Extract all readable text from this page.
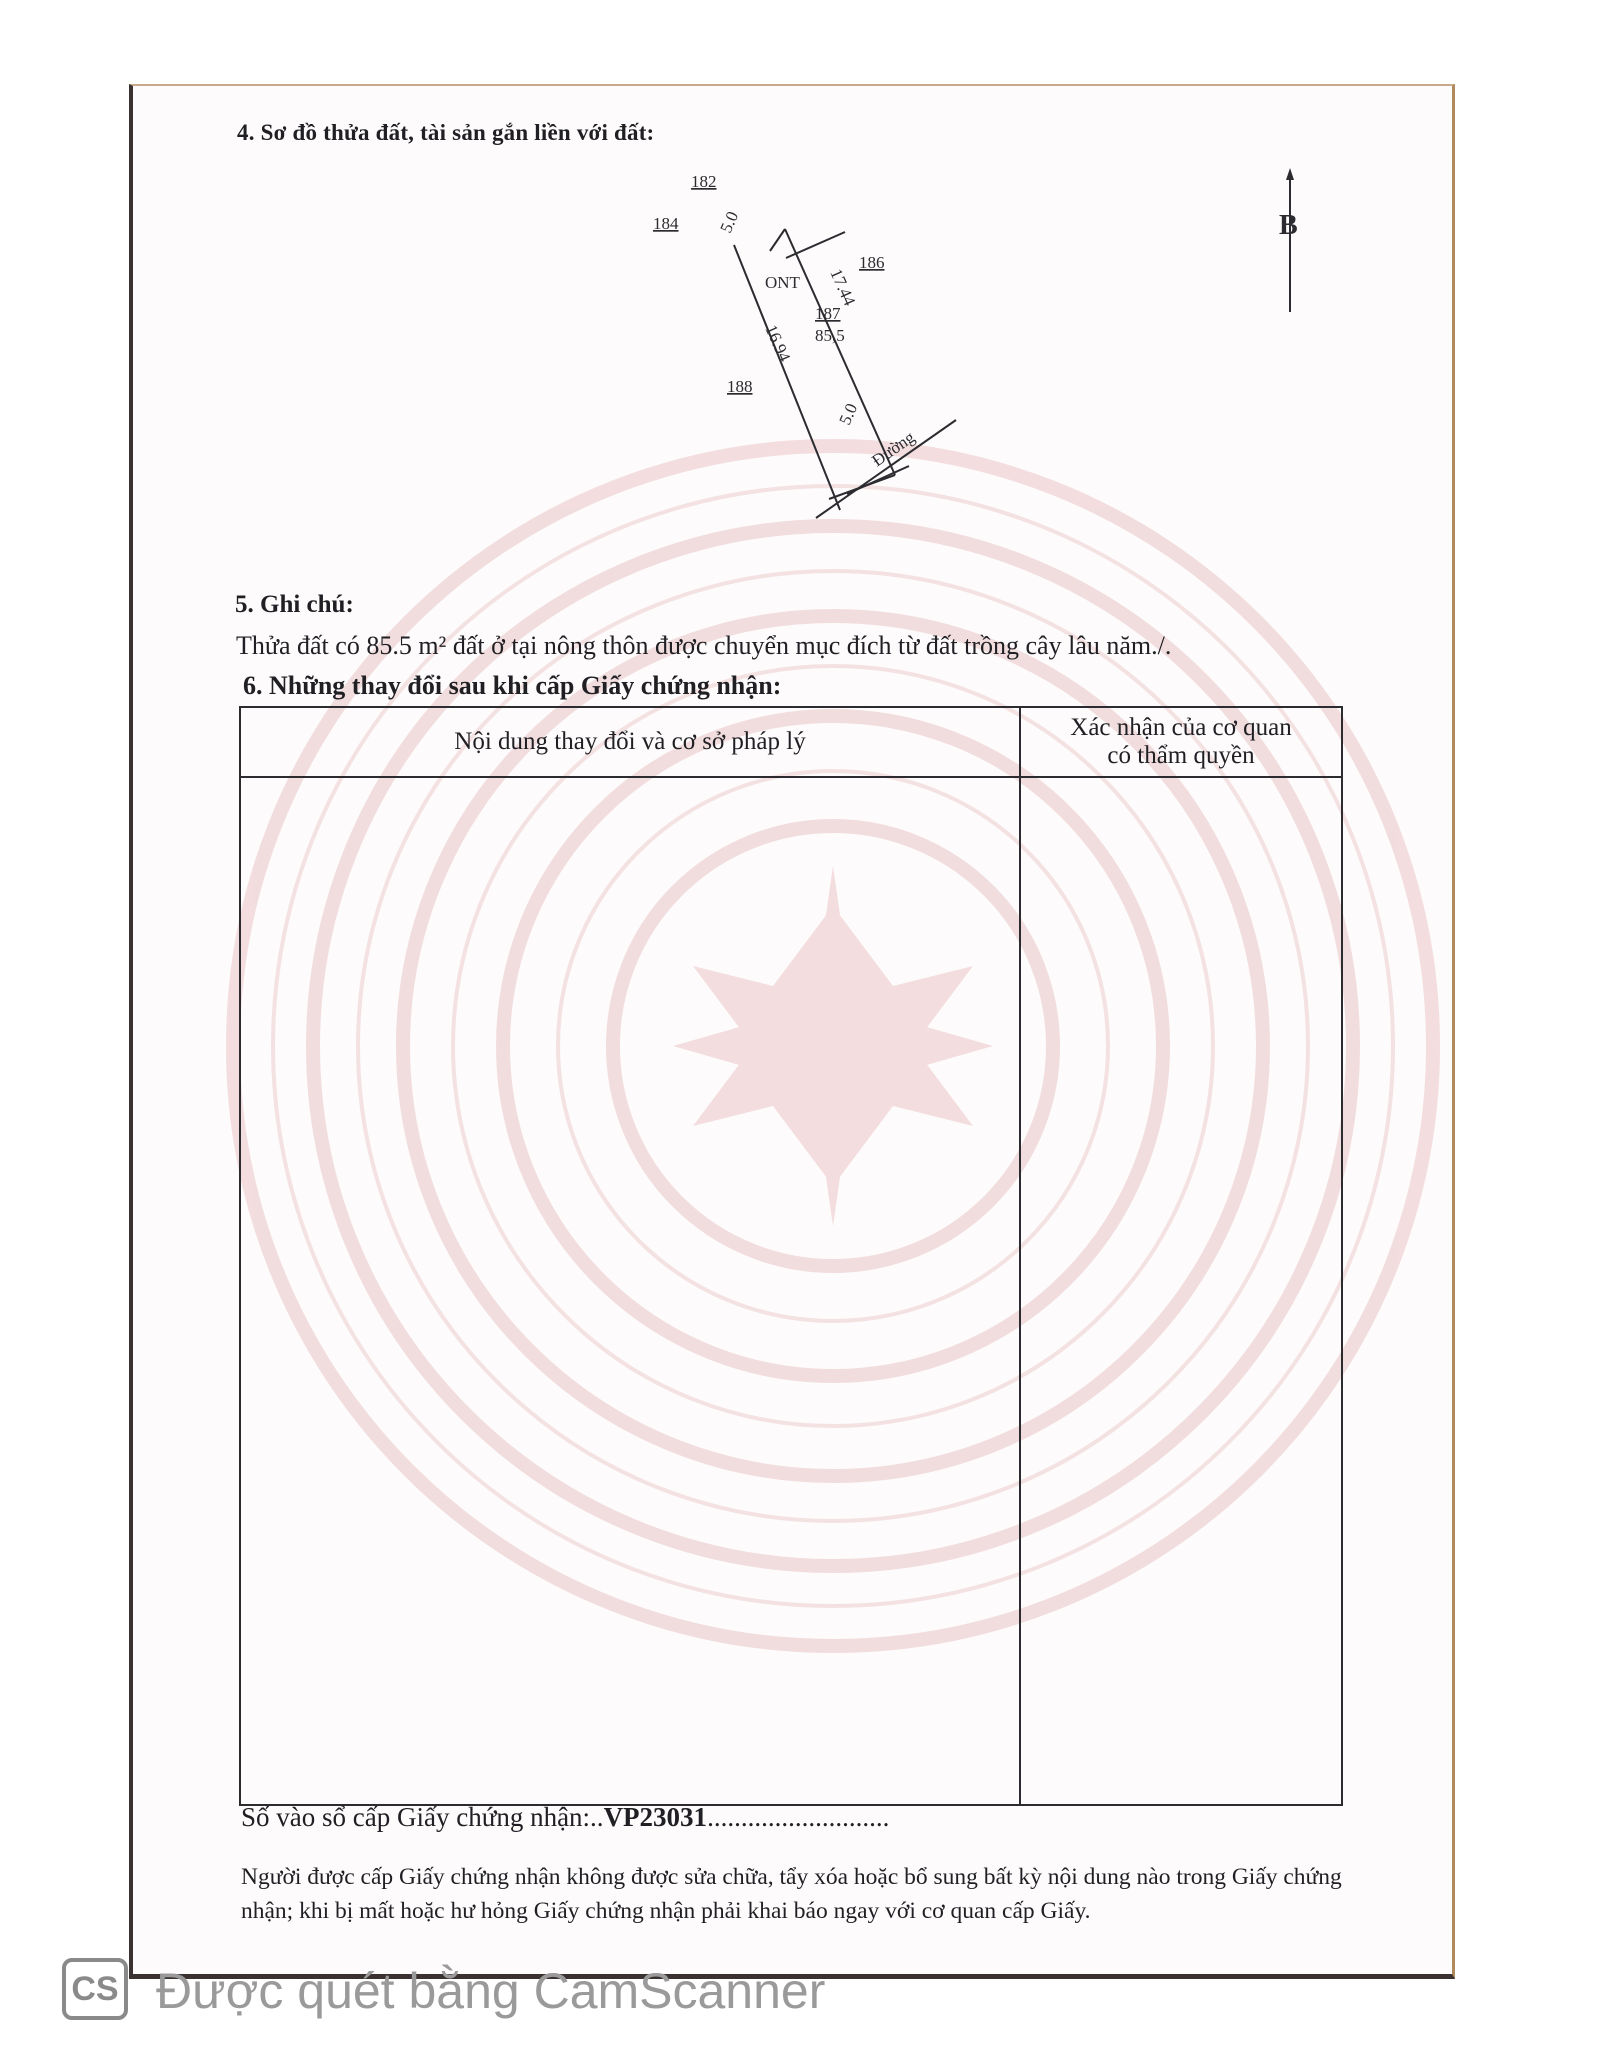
4. Sơ đồ thửa đất, tài sản gắn liền với đất:
182
184
186
188
ONT
187
85,5
5.0
17.44
16.94
5.0
Đường
B
5. Ghi chú:
Thửa đất có 85.5 m² đất ở tại nông thôn được chuyển mục đích từ đất trồng cây lâu năm./.
6. Những thay đổi sau khi cấp Giấy chứng nhận:
Nội dung thay đổi và cơ sở pháp lý	Xác nhận của cơ quan
có thẩm quyền

Số vào sổ cấp Giấy chứng nhận:..VP23031...........................
Người được cấp Giấy chứng nhận không được sửa chữa, tẩy xóa hoặc bổ sung bất kỳ nội dung nào trong Giấy chứng nhận; khi bị mất hoặc hư hỏng Giấy chứng nhận phải khai báo ngay với cơ quan cấp Giấy.
CS Được quét bằng CamScanner
